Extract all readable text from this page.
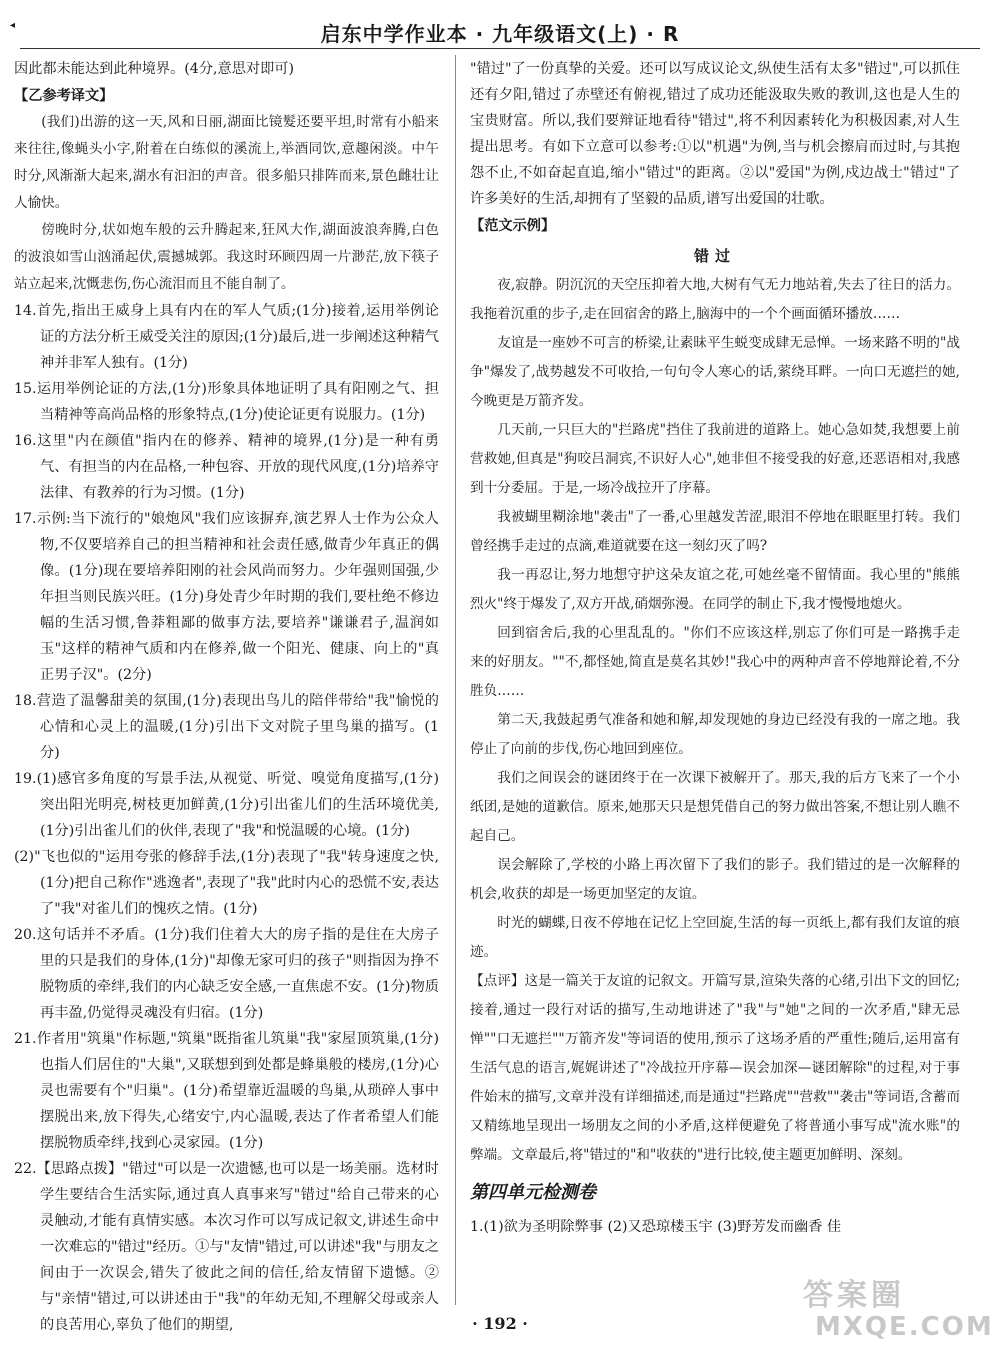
◂	启东中学作业本 · 九年级语文(上) · R

因此都未能达到此种境界。(4分,意思对即可)

【乙参考译文】

(我们)出游的这一天,风和日丽,湖面比镜髮还要平坦,时常有小船来来往往,像蝇头小字,附着在白练似的溪流上,举酒同饮,意趣闲淡。中午时分,风渐渐大起来,湖水有汩汩的声音。很多船只排阵而来,景色雌壮让人愉快。

傍晚时分,状如炮车般的云升腾起来,狂风大作,湖面波浪奔腾,白色的波浪如雪山汹涌起伏,震撼城郭。我这时环顾四周一片渺茫,放下筷子站立起来,沈慨悲伤,伤心流泪而且不能自制了。

14.首先,指出王威身上具有内在的军人气质;(1分)接着,运用举例论证的方法分析王威受关注的原因;(1分)最后,进一步阐述这种精气神并非军人独有。(1分)

15.运用举例论证的方法,(1分)形象具体地证明了具有阳刚之气、担当精神等高尚品格的形象特点,(1分)使论证更有说服力。(1分)

16.这里"内在颜值"指内在的修养、精神的境界,(1分)是一种有勇气、有担当的内在品格,一种包容、开放的现代风度,(1分)培养守法律、有教养的行为习惯。(1分)

17.示例:当下流行的"娘炮风"我们应该摒弃,演艺界人士作为公众人物,不仅要培养自己的担当精神和社会责任感,做青少年真正的偶像。(1分)现在要培养阳刚的社会风尚而努力。少年强则国强,少年担当则民族兴旺。(1分)身处青少年时期的我们,要杜绝不修边幅的生活习惯,鲁莽粗鄙的做事方法,要培养"谦谦君子,温润如玉"这样的精神气质和内在修养,做一个阳光、健康、向上的"真正男子汉"。(2分)

18.营造了温馨甜美的氛围,(1分)表现出鸟儿的陪伴带给"我"愉悦的心情和心灵上的温暖,(1分)引出下文对院子里鸟巢的描写。(1分)

19.(1)感官多角度的写景手法,从视觉、听觉、嗅觉角度描写,(1分)突出阳光明亮,树枝更加鲜黄,(1分)引出雀儿们的生活环境优美,(1分)引出雀儿们的伙伴,表现了"我"和悦温暖的心境。(1分)

(2)"飞也似的"运用夸张的修辞手法,(1分)表现了"我"转身速度之快,(1分)把自己称作"逃逸者",表现了"我"此时内心的恐慌不安,表达了"我"对雀儿们的愧疚之情。(1分)

20.这句话并不矛盾。(1分)我们住着大大的房子指的是住在大房子里的只是我们的身体,(1分)"却像无家可归的孩子"则指因为挣不脱物质的牵绊,我们的内心缺乏安全感,一直焦虑不安。(1分)物质再丰盈,仍觉得灵魂没有归宿。(1分)

21.作者用"筑巢"作标题,"筑巢"既指雀儿筑巢"我"家屋顶筑巢,(1分)也指人们居住的"大巢",又联想到到处都是蜂巢般的楼房,(1分)心灵也需要有个"归巢"。(1分)希望靠近温暖的鸟巢,从琐碎人事中摆脱出来,放下得失,心绪安宁,内心温暖,表达了作者希望人们能摆脱物质牵绊,找到心灵家园。(1分)

22.【思路点拨】"错过"可以是一次遗憾,也可以是一场美丽。选材时学生要结合生活实际,通过真人真事来写"错过"给自己带来的心灵触动,才能有真情实感。本次习作可以写成记叙文,讲述生命中一次难忘的"错过"经历。①与"友情"错过,可以讲述"我"与朋友之间由于一次误会,错失了彼此之间的信任,给友情留下遗憾。②与"亲情"错过,可以讲述由于"我"的年幼无知,不理解父母或亲人的良苦用心,辜负了他们的期望,

"错过"了一份真挚的关爱。还可以写成议论文,纵使生活有太多"错过",可以抓住还有夕阳,错过了赤壁还有俯视,错过了成功还能汲取失败的教训,这也是人生的宝贵财富。所以,我们要辩证地看待"错过",将不利因素转化为积极因素,对人生提出思考。有如下立意可以参考:①以"机遇"为例,当与机会擦肩而过时,与其抱怨不止,不如奋起直追,缩小"错过"的距离。②以"爱国"为例,戍边战士"错过"了许多美好的生活,却拥有了坚毅的品质,谱写出爱国的壮歌。

【范文示例】

错过

夜,寂静。阴沉沉的天空压抑着大地,大树有气无力地站着,失去了往日的活力。我拖着沉重的步子,走在回宿舍的路上,脑海中的一个个画面循环播放……

友谊是一座妙不可言的桥梁,让素昧平生蜕变成肆无忌惮。一场来路不明的"战争"爆发了,战势越发不可收拾,一句句令人寒心的话,萦绕耳畔。一向口无遮拦的她,今晚更是万箭齐发。

几天前,一只巨大的"拦路虎"挡住了我前进的道路上。她心急如焚,我想要上前营救她,但真是"狗咬吕洞宾,不识好人心",她非但不接受我的好意,还恶语相对,我感到十分委屈。于是,一场冷战拉开了序幕。

我被蝴里糊涂地"袭击"了一番,心里越发苦涩,眼泪不停地在眼眶里打转。我们曾经携手走过的点滴,难道就要在这一刻幻灭了吗?

我一再忍让,努力地想守护这朵友谊之花,可她丝毫不留情面。我心里的"熊熊烈火"终于爆发了,双方开战,硝烟弥漫。在同学的制止下,我才慢慢地熄火。

回到宿舍后,我的心里乱乱的。"你们不应该这样,别忘了你们可是一路携手走来的好朋友。""不,都怪她,简直是莫名其妙!"我心中的两种声音不停地辩论着,不分胜负……

第二天,我鼓起勇气准备和她和解,却发现她的身边已经没有我的一席之地。我停止了向前的步伐,伤心地回到座位。

我们之间误会的谜团终于在一次课下被解开了。那天,我的后方飞来了一个小纸团,是她的道歉信。原来,她那天只是想凭借自己的努力做出答案,不想让别人瞧不起自己。

误会解除了,学校的小路上再次留下了我们的影子。我们错过的是一次解释的机会,收获的却是一场更加坚定的友谊。

时光的蝴蝶,日夜不停地在记忆上空回旋,生活的每一页纸上,都有我们友谊的痕迹。

【点评】这是一篇关于友谊的记叙文。开篇写景,渲染失落的心绪,引出下文的回忆;接着,通过一段行对话的描写,生动地讲述了"我"与"她"之间的一次矛盾,"肆无忌惮""口无遮拦""万箭齐发"等词语的使用,预示了这场矛盾的严重性;随后,运用富有生活气息的语言,娓娓讲述了"冷战拉开序幕—误会加深—谜团解除"的过程,对于事件始末的描写,文章并没有详细描述,而是通过"拦路虎""营救""袭击"等词语,含蓄而又精练地呈现出一场朋友之间的小矛盾,这样便避免了将普通小事写成"流水账"的弊端。文章最后,将"错过的"和"收获的"进行比较,使主题更加鲜明、深刻。

第四单元检测卷

1.(1)欲为圣明除弊事 (2)又恐琼楼玉宇 (3)野芳发而幽香 佳

· 192 ·
答案圈
MXQE.COM
